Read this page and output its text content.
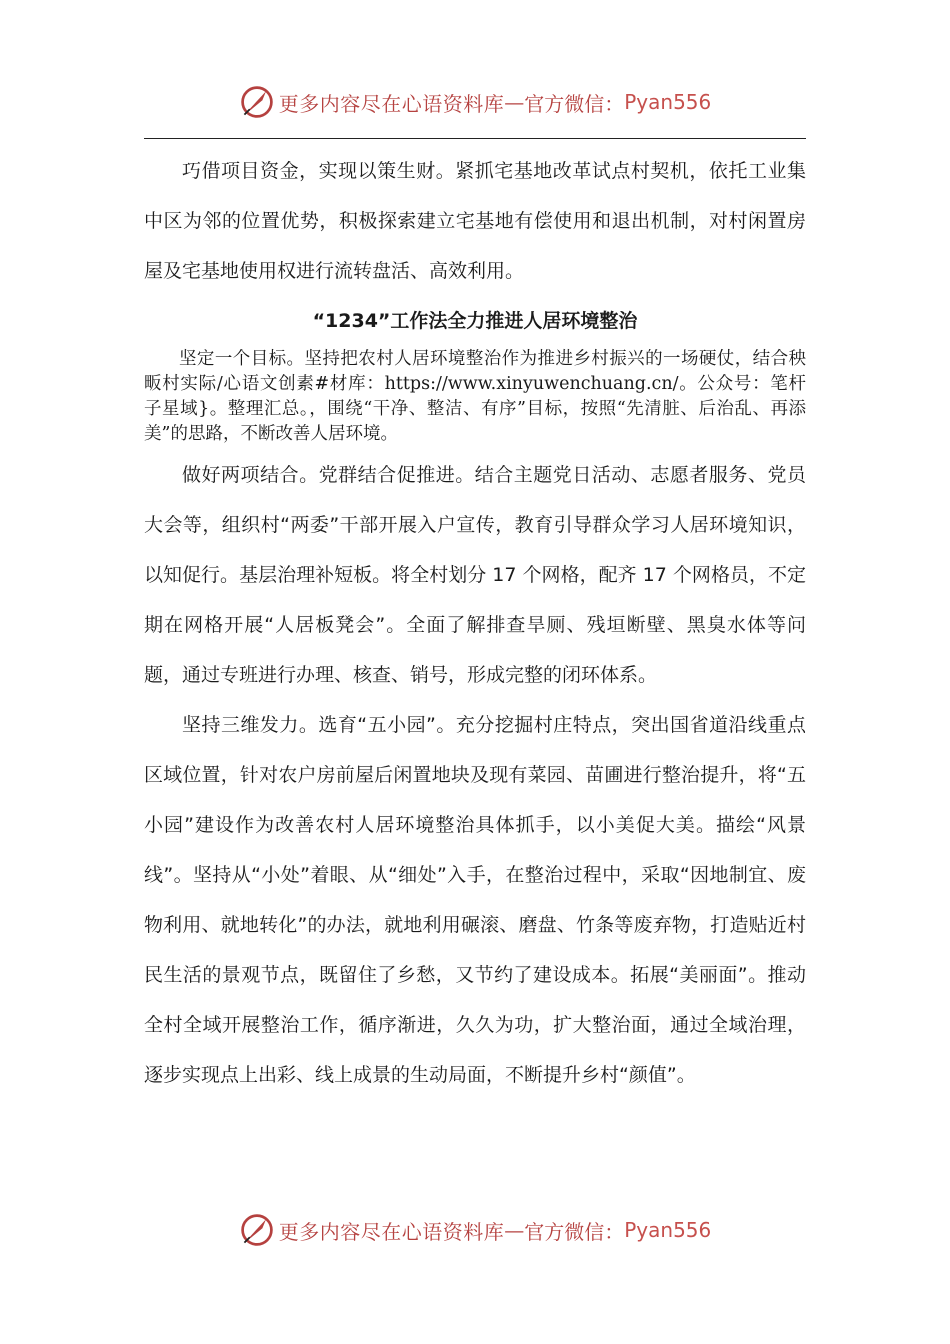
更多内容尽在心语资料库 — 官方微信： Pyan556

巧借项目资金，实现以策生财。紧抓宅基地改革试点村契机，依托工业集中区为邻的位置优势，积极探索建立宅基地有偿使用和退出机制，对村闲置房屋及宅基地使用权进行流转盘活、高效利用。

“1234”工作法全力推进人居环境整治

坚定一个目标。坚持把农村人居环境整治作为推进乡村振兴的一场硬仗，结合秧畈村实际/心语文创素#材库：https://www.xinyuwenchuang.cn/。公众号：笔杆子星域}。整理汇总。，围绕“干净、整洁、有序”目标，按照“先清脏、后治乱、再添美”的思路，不断改善人居环境。

做好两项结合。党群结合促推进。结合主题党日活动、志愿者服务、党员大会等，组织村“两委”干部开展入户宣传，教育引导群众学习人居环境知识，以知促行。基层治理补短板。将全村划分 17 个网格，配齐 17 个网格员，不定期在网格开展“人居板凳会”。全面了解排查旱厕、残垣断壁、黑臭水体等问题，通过专班进行办理、核查、销号，形成完整的闭环体系。

坚持三维发力。选育“五小园”。充分挖掘村庄特点，突出国省道沿线重点区域位置，针对农户房前屋后闲置地块及现有菜园、苗圃进行整治提升，将“五小园”建设作为改善农村人居环境整治具体抓手，以小美促大美。描绘“风景线”。坚持从“小处”着眼、从“细处”入手，在整治过程中，采取“因地制宜、废物利用、就地转化”的办法，就地利用碾滚、磨盘、竹条等废弃物，打造贴近村民生活的景观节点，既留住了乡愁，又节约了建设成本。拓展“美丽面”。推动全村全域开展整治工作，循序渐进，久久为功，扩大整治面，通过全域治理，逐步实现点上出彩、线上成景的生动局面，不断提升乡村“颜值”。

更多内容尽在心语资料库 — 官方微信： Pyan556
